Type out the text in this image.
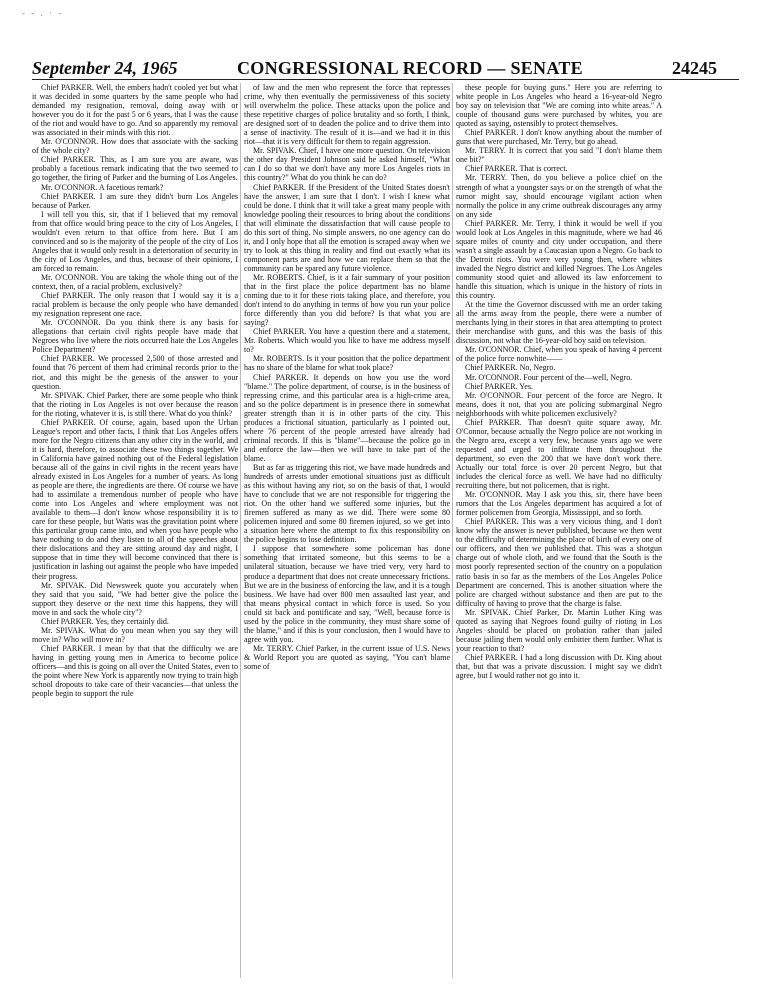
- ‐ . · ‐
September 24, 1965	CONGRESSIONAL RECORD — SENATE	24245

Chief PARKER. Well, the embers hadn't cooled yet but what it was decided in some quarters by the same people who had demanded my resignation, removal, doing away with or however you do it for the past 5 or 6 years, that I was the cause of the riot and would have to go. And so apparently my removal was associated in their minds with this riot.

Mr. O'CONNOR. How does that associate with the sacking of the whole city?

Chief PARKER. This, as I am sure you are aware, was probably a facetious remark indicating that the two seemed to go together, the firing of Parker and the burning of Los Angeles.

Mr. O'CONNOR. A facetious remark?

Chief PARKER. I am sure they didn't burn Los Angeles because of Parker.

I will tell you this, sir, that if I believed that my removal from that office would bring peace to the city of Los Angeles, I wouldn't even return to that office from here. But I am convinced and so is the majority of the people of the city of Los Angeles that it would only result in a deterioration of security in the city of Los Angeles, and thus, because of their opinions, I am forced to remain.

Mr. O'CONNOR. You are taking the whole thing out of the context, then, of a racial problem, exclusively?

Chief PARKER. The only reason that I would say it is a racial problem is because the only people who have demanded my resignation represent one race.

Mr. O'CONNOR. Do you think there is any basis for allegations that certain civil rights people have made that Negroes who live where the riots occurred hate the Los Angeles Police Department?

Chief PARKER. We processed 2,500 of those arrested and found that 76 percent of them had criminal records prior to the riot, and this might be the genesis of the answer to your question.

Mr. SPIVAK. Chief Parker, there are some people who think that the rioting in Los Angeles is not over because the reason for the rioting, whatever it is, is still there. What do you think?

Chief PARKER. Of course, again, based upon the Urban League's report and other facts, I think that Los Angeles offers more for the Negro citizens than any other city in the world, and it is hard, therefore, to associate these two things together. We in California have gained nothing out of the Federal legislation because all of the gains in civil rights in the recent years have already existed in Los Angeles for a number of years. As long as people are there, the ingredients are there. Of course we have had to assimilate a tremendous number of people who have come into Los Angeles and where employment was not available to them—I don't know whose responsibility it is to care for these people, but Watts was the gravitation point where this particular group came into, and when you have people who have nothing to do and they listen to all of the speeches about their dislocations and they are sitting around day and night, I suppose that in time they will become convinced that there is justification in lashing out against the people who have impeded their progress.

Mr. SPIVAK. Did Newsweek quote you accurately when they said that you said, "We had better give the police the support they deserve or the next time this happens, they will move in and sack the whole city"?

Chief PARKER. Yes, they certainly did.

Mr. SPIVAK. What do you mean when you say they will move in? Who will move in?

Chief PARKER. I mean by that that the difficulty we are having in getting young men in America to become police officers—and this is going on all over the United States, even to the point where New York is apparently now trying to train high school dropouts to take care of their vacancies—that unless the people begin to support the rule

of law and the men who represent the force that represses crime, why then eventually the permissiveness of this society will overwhelm the police. These attacks upon the police and these repetitive charges of police brutality and so forth, I think, are designed sort of to deaden the police and to drive them into a sense of inactivity. The result of it is—and we had it in this riot—that it is very difficult for them to regain aggression.

Mr. SPIVAK. Chief, I have one more question. On television the other day President Johnson said he asked himself, "What can I do so that we don't have any more Los Angeles riots in this country?" What do you think he can do?

Chief PARKER. If the President of the United States doesn't have the answer, I am sure that I don't. I wish I knew what could be done. I think that it will take a great many people with knowledge pooling their resources to bring about the conditions that will eliminate the dissatisfaction that will cause people to do this sort of thing. No simple answers, no one agency can do it, and I only hope that all the emotion is scraped away when we try to look at this thing in reality and find out exactly what its component parts are and how we can replace them so that the community can be spared any future violence.

Mr. ROBERTS. Chief, is it a fair summary of your position that in the first place the police department has no blame coming due to it for these riots taking place, and therefore, you don't intend to do anything in terms of how you run your police force differently than you did before? Is that what you are saying?

Chief PARKER. You have a question there and a statement, Mr. Roberts. Which would you like to have me address myself to?

Mr. ROBERTS. Is it your position that the police department has no share of the blame for what took place?

Chief PARKER. It depends on how you use the word "blame." The police department, of course, is in the business of repressing crime, and this particular area is a high-crime area, and so the police department is in presence there in somewhat greater strength than it is in other parts of the city. This produces a frictional situation, particularly as I pointed out, where 76 percent of the people arrested have already had criminal records. If this is "blame"—because the police go in and enforce the law—then we will have to take part of the blame.

But as far as triggering this riot, we have made hundreds and hundreds of arrests under emotional situations just as difficult as this without having any riot, so on the basis of that, I would have to conclude that we are not responsible for triggering the riot. On the other hand we suffered some injuries, but the firemen suffered as many as we did. There were some 80 policemen injured and some 80 firemen injured, so we get into a situation here where the attempt to fix this responsibility on the police begins to lose definition.

I suppose that somewhere some policeman has done something that irritated someone, but this seems to be a unilateral situation, because we have tried very, very hard to produce a department that does not create unnecessary frictions. But we are in the business of enforcing the law, and it is a tough business. We have had over 800 men assaulted last year, and that means physical contact in which force is used. So you could sit back and pontificate and say, "Well, because force is used by the police in the community, they must share some of the blame," and if this is your conclusion, then I would have to agree with you.

Mr. TERRY. Chief Parker, in the current issue of U.S. News & World Report you are quoted as saying, "You can't blame some of

these people for buying guns." Here you are referring to white people in Los Angeles who heard a 16-year-old Negro boy say on television that "We are coming into white areas." A couple of thousand guns were purchased by whites, you are quoted as saying, ostensibly to protect themselves.

Chief PARKER. I don't know anything about the number of guns that were purchased, Mr. Terry, but go ahead.

Mr. TERRY. It is correct that you said "I don't blame them one bit?"

Chief PARKER. That is correct.

Mr. TERRY. Then, do you believe a police chief on the strength of what a youngster says or on the strength of what the rumor might say, should encourage vigilant action when normally the police in any crime outbreak discourages any army on any side

Chief PARKER. Mr. Terry, I think it would be well if you would look at Los Angeles in this magnitude, where we had 46 square miles of county and city under occupation, and there wasn't a single assault by a Caucasian upon a Negro. Go back to the Detroit riots. You were very young then, where whites invaded the Negro district and killed Negroes. The Los Angeles community stood quiet and allowed its law enforcement to handle this situation, which is unique in the history of riots in this country.

At the time the Governor discussed with me an order taking all the arms away from the people, there were a number of merchants lying in their stores in that area attempting to protect their merchandise with guns, and this was the basis of this discussion, not what the 16-year-old boy said on television.

Mr. O'CONNOR. Chief, when you speak of having 4 percent of the police force nonwhite——

Chief PARKER. No, Negro.

Mr. O'CONNOR. Four percent of the—well, Negro.

Chief PARKER. Yes.

Mr. O'CONNOR. Four percent of the force are Negro. It means, does it not, that you are policing submarginal Negro neighborhoods with white policemen exclusively?

Chief PARKER. That doesn't quite square away, Mr. O'Connor, because actually the Negro police are not working in the Negro area, except a very few, because years ago we were requested and urged to infiltrate them throughout the department, so even the 200 that we have don't work there. Actually our total force is over 20 percent Negro, but that includes the clerical force as well. We have had no difficulty recruiting there, but not policemen, that is right.

Mr. O'CONNOR. May I ask you this, sir, there have been rumors that the Los Angeles department has acquired a lot of former policemen from Georgia, Mississippi, and so forth.

Chief PARKER. This was a very vicious thing, and I don't know why the answer is never published, because we then went to the difficulty of determining the place of birth of every one of our officers, and then we published that. This was a shotgun charge out of whole cloth, and we found that the South is the most poorly represented section of the country on a population ratio basis in so far as the members of the Los Angeles Police Department are concerned. This is another situation where the police are charged without substance and then are put to the difficulty of having to prove that the charge is false.

Mr. SPIVAK. Chief Parker, Dr. Martin Luther King was quoted as saying that Negroes found guilty of rioting in Los Angeles should be placed on probation rather than jailed because jailing them would only embitter them further. What is your reaction to that?

Chief PARKER. I had a long discussion with Dr. King about that, but that was a private discussion. I might say we didn't agree, but I would rather not go into it.
